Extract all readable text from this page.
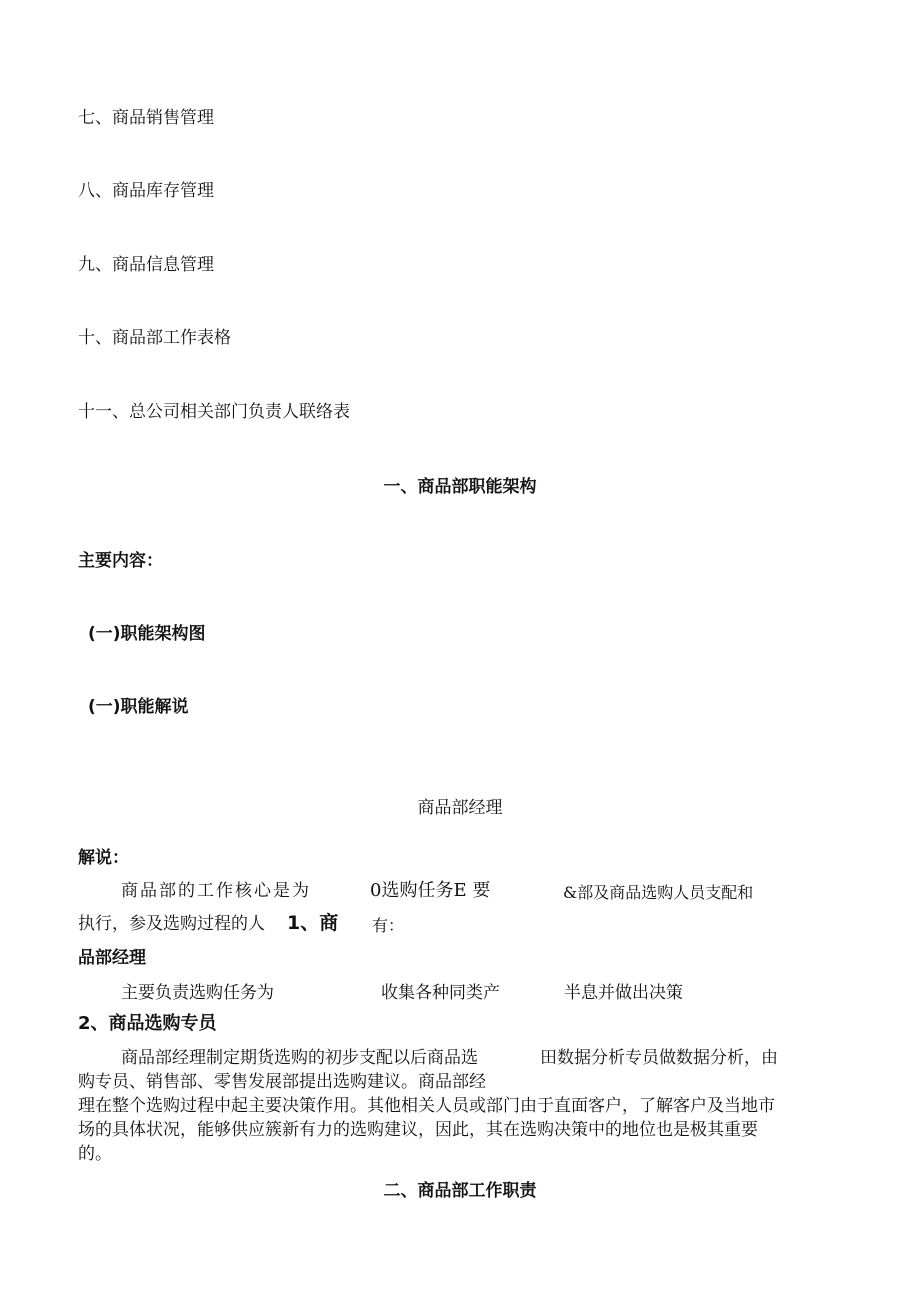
七、商品销售管理
八、商品库存管理
九、商品信息管理
十、商品部工作表格
十一、总公司相关部门负责人联络表
一、商品部职能架构
主要内容：
(一)职能架构图
(一)职能解说
商品部经理
解说：
商品部的工作核心是为	0选购任务E 要	&部及商品选购人员支配和
执行，参及选购过程的人 1、商 有：
品部经理
主要负责选购任务为	收集各种同类产	半息并做出决策
2、商品选购专员
商品部经理制定期货选购的初步支配以后商品选	田数据分析专员做数据分析，由
购专员、销售部、零售发展部提出选购建议。商品部经
理在整个选购过程中起主要决策作用。其他相关人员或部门由于直面客户，了解客户及当地市
场的具体状况，能够供应簇新有力的选购建议，因此，其在选购决策中的地位也是极其重要
的。
二、商品部工作职责
